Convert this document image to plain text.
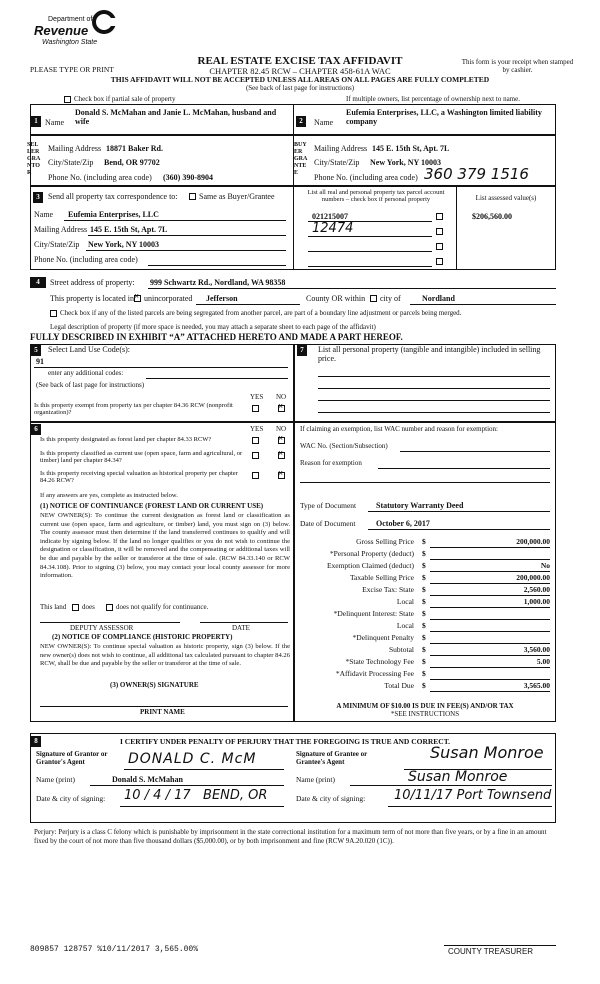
Department of
Revenue
Washington State
PLEASE TYPE OR PRINT
REAL ESTATE EXCISE TAX AFFIDAVIT
CHAPTER 82.45 RCW – CHAPTER 458-61A WAC
THIS AFFIDAVIT WILL NOT BE ACCEPTED UNLESS ALL AREAS ON ALL PAGES ARE FULLY COMPLETED
(See back of last page for instructions)
This form is your receipt when stamped by cashier.
Check box if partial sale of property	If multiple owners, list percentage of ownership next to name.
1	2
SELLER GRANTOR
BUYER GRANTEE
Name
Donald S. McMahan and Janie L. McMahan, husband and wife
Mailing Address 18871 Baker Rd.
City/State/Zip Bend, OR 97702
Phone No. (including area code) (360) 390-8904
Name
Eufemia Enterprises, LLC, a Washington limited liability company
Mailing Address 145 E. 15th St, Apt. 7L
City/State/Zip New York, NY 10003
Phone No. (including area code) 360 379 1516
3	Send all property tax correspondence to:	Same as Buyer/Grantee
Name Eufemia Enterprises, LLC
Mailing Address 145 E. 15th St, Apt. 7L
City/State/Zip New York, NY 10003
Phone No. (including area code)
List all real and personal property tax parcel account numbers – check box if personal property	List assessed value(s)
021215007
12474
$206,560.00
4	Street address of property: 999 Schwartz Rd., Nordland, WA 98358
This property is located in
× unincorporated Jefferson	County OR within city of	Nordland
Check box if any of the listed parcels are being segregated from another parcel, are part of a boundary line adjustment or parcels being merged.
Legal description of property (if more space is needed, you may attach a separate sheet to each page of the affidavit)
FULLY DESCRIBED IN EXHIBIT “A” ATTACHED HERETO AND MADE A PART HEREOF.
5	Select Land Use Code(s):
91
enter any additional codes:
(See back of last page for instructions)
YES NO
Is this property exempt from property tax per chapter 84.36 RCW (nonprofit organization)?
×
7	List all personal property (tangible and intangible) included in selling price.
6	YES NO
Is this property designated as forest land per chapter 84.33 RCW?
×
Is this property classified as current use (open space, farm and agricultural, or timber) land per chapter 84.34?
×
Is this property receiving special valuation as historical property per chapter 84.26 RCW?
×
If any answers are yes, complete as instructed below.
(1) NOTICE OF CONTINUANCE (FOREST LAND OR CURRENT USE)
NEW OWNER(S): To continue the current designation as forest land or classification as current use (open space, farm and agriculture, or timber) land, you must sign on (3) below. The county assessor must then determine if the land transferred continues to qualify and will indicate by signing below. If the land no longer qualifies or you do not wish to continue the designation or classification, it will be removed and the compensating or additional taxes will be due and payable by the seller or transferor at the time of sale. (RCW 84.33.140 or RCW 84.34.108). Prior to signing (3) below, you may contact your local county assessor for more information.
This land does	does not qualify for continuance.
DEPUTY ASSESSOR	DATE
(2) NOTICE OF COMPLIANCE (HISTORIC PROPERTY)
NEW OWNER(S): To continue special valuation as historic property, sign (3) below. If the new owner(s) does not wish to continue, all additional tax calculated pursuant to chapter 84.26 RCW, shall be due and payable by the seller or transferor at the time of sale.
(3) OWNER(S) SIGNATURE
PRINT NAME
If claiming an exemption, list WAC number and reason for exemption:
WAC No. (Section/Subsection)
Reason for exemption
Type of Document Statutory Warranty Deed
Date of Document	October 6, 2017
Gross Selling Price $	200,000.00
*Personal Property (deduct) $
Exemption Claimed (deduct) $	No
Taxable Selling Price $	200,000.00
Excise Tax: State $	2,560.00
Local $	1,000.00
*Delinquent Interest: State $
Local $
*Delinquent Penalty $
Subtotal $	3,560.00
*State Technology Fee $	5.00
*Affidavit Processing Fee $
Total Due $	3,565.00
A MINIMUM OF $10.00 IS DUE IN FEE(S) AND/OR TAX
*SEE INSTRUCTIONS
8	I CERTIFY UNDER PENALTY OF PERJURY THAT THE FOREGOING IS TRUE AND CORRECT.
Signature of Grantor or Grantor's Agent	DONALD C. McM	Signature of Grantee or Grantee's Agent	Susan Monroe
Name (print)	Donald S. McMahan	Name (print)	Susan Monroe
Date & city of signing: 10 / 4 / 17   BEND, OR	Date & city of signing: 10/11/17 Port Townsend
Perjury: Perjury is a class C felony which is punishable by imprisonment in the state correctional institution for a maximum term of not more than five years, or by a fine in an amount fixed by the court of not more than five thousand dollars ($5,000.00), or by both imprisonment and fine (RCW 9A.20.020 (1C)).
809857 128757 %10/11/2017 3,565.00%	COUNTY TREASURER
